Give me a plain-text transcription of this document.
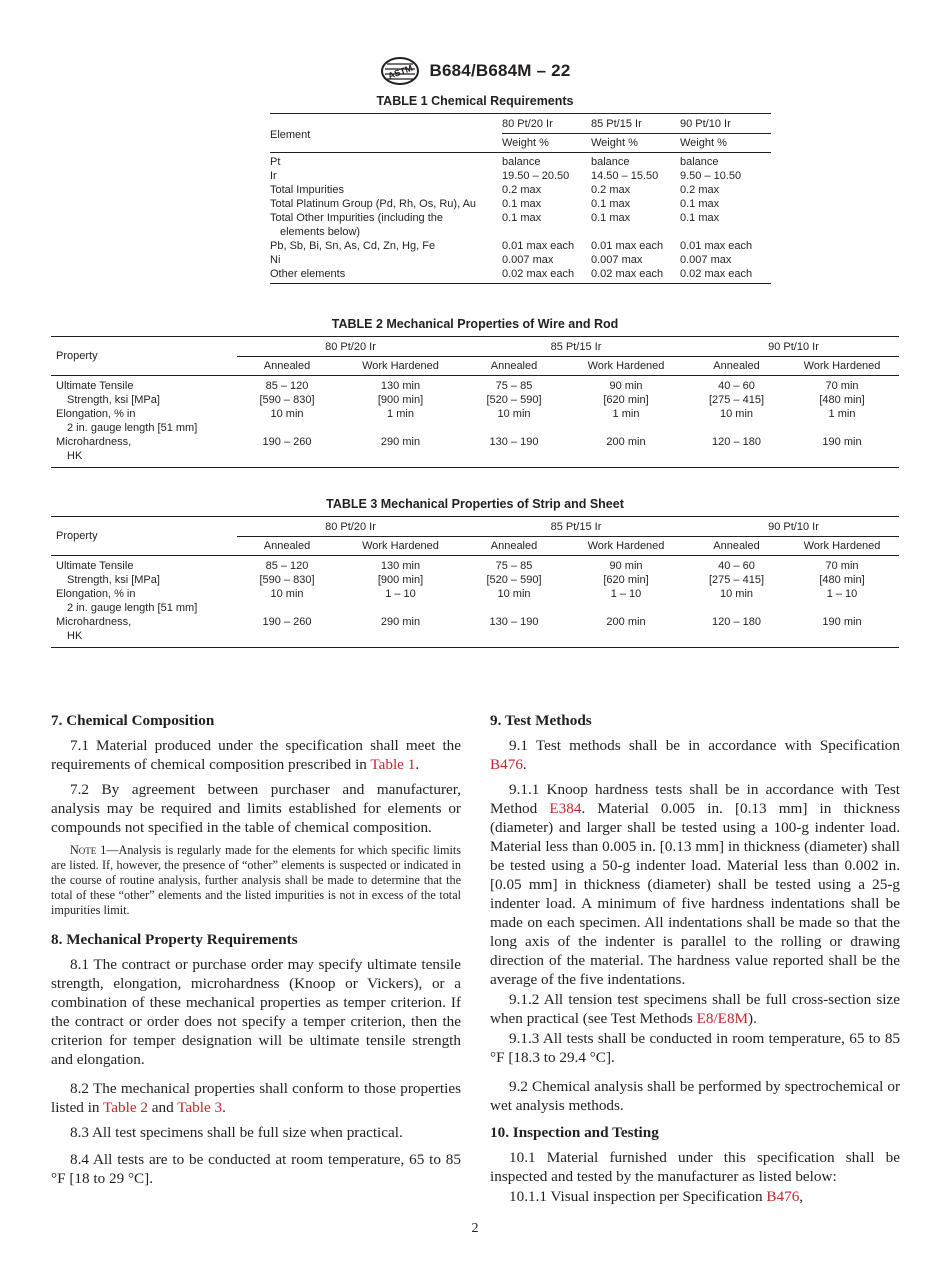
ASTM B684/B684M – 22
TABLE 1 Chemical Requirements
Element	80 Pt/20 Ir	85 Pt/15 Ir	90 Pt/10 Ir
	Weight %	Weight %	Weight %
Pt	balance	balance	balance
Ir	19.50 – 20.50	14.50 – 15.50	9.50 – 10.50
Total Impurities	0.2 max	0.2 max	0.2 max
Total Platinum Group (Pd, Rh, Os, Ru), Au	0.1 max	0.1 max	0.1 max
Total Other Impurities (including the
elements below)	0.1 max	0.1 max	0.1 max
Pb, Sb, Bi, Sn, As, Cd, Zn, Hg, Fe	0.01 max each	0.01 max each	0.01 max each
Ni	0.007 max	0.007 max	0.007 max
Other elements	0.02 max each	0.02 max each	0.02 max each
TABLE 2 Mechanical Properties of Wire and Rod
Property	80 Pt/20 Ir		85 Pt/15 Ir		90 Pt/10 Ir	
	Annealed	Work Hardened	Annealed	Work Hardened	Annealed	Work Hardened
Ultimate Tensile	85 – 120	130 min	75 – 85	90 min	40 – 60	70 min
Strength, ksi [MPa]	[590 – 830]	[900 min]	[520 – 590]	[620 min]	[275 – 415]	[480 min]
Elongation, % in	10 min	1 min	10 min	1 min	10 min	1 min
2 in. gauge length [51 mm]						
Microhardness,	190 – 260	290 min	130 – 190	200 min	120 – 180	190 min
HK						
TABLE 3 Mechanical Properties of Strip and Sheet
Property	80 Pt/20 Ir		85 Pt/15 Ir		90 Pt/10 Ir	
	Annealed	Work Hardened	Annealed	Work Hardened	Annealed	Work Hardened
Ultimate Tensile	85 – 120	130 min	75 – 85	90 min	40 – 60	70 min
Strength, ksi [MPa]	[590 – 830]	[900 min]	[520 – 590]	[620 min]	[275 – 415]	[480 min]
Elongation, % in	10 min	1 – 10	10 min	1 – 10	10 min	1 – 10
2 in. gauge length [51 mm]						
Microhardness,	190 – 260	290 min	130 – 190	200 min	120 – 180	190 min
HK						
7. Chemical Composition

7.1 Material produced under the specification shall meet the requirements of chemical composition prescribed in Table 1.

7.2 By agreement between purchaser and manufacturer, analysis may be required and limits established for elements or compounds not specified in the table of chemical composition.

Note 1—Analysis is regularly made for the elements for which specific limits are listed. If, however, the presence of “other” elements is suspected or indicated in the course of routine analysis, further analysis shall be made to determine that the total of these “other” elements and the listed impurities is not in excess of the total impurities limit.
8. Mechanical Property Requirements

8.1 The contract or purchase order may specify ultimate tensile strength, elongation, microhardness (Knoop or Vickers), or a combination of these mechanical properties as temper criterion. If the contract or order does not specify a temper criterion, then the criterion for temper designation will be ultimate tensile strength and elongation.

8.2 The mechanical properties shall conform to those properties listed in Table 2 and Table 3.

8.3 All test specimens shall be full size when practical.

8.4 All tests are to be conducted at room temperature, 65 to 85 °F [18 to 29 °C].

9. Test Methods

9.1 Test methods shall be in accordance with Specification B476.

9.1.1 Knoop hardness tests shall be in accordance with Test Method E384. Material 0.005 in. [0.13 mm] in thickness (diameter) and larger shall be tested using a 100-g indenter load. Material less than 0.005 in. [0.13 mm] in thickness (diameter) shall be tested using a 50-g indenter load. Material less than 0.002 in. [0.05 mm] in thickness (diameter) shall be tested using a 25-g indenter load. A minimum of five hardness indentations shall be made on each specimen. All indentations shall be made so that the long axis of the indenter is parallel to the rolling or drawing direction of the material. The hardness value reported shall be the average of the five indentations.

9.1.2 All tension test specimens shall be full cross-section size when practical (see Test Methods E8/E8M).

9.1.3 All tests shall be conducted in room temperature, 65 to 85 °F [18.3 to 29.4 °C].

9.2 Chemical analysis shall be performed by spectrochemical or wet analysis methods.

10. Inspection and Testing

10.1 Material furnished under this specification shall be inspected and tested by the manufacturer as listed below:

10.1.1 Visual inspection per Specification B476,

2
